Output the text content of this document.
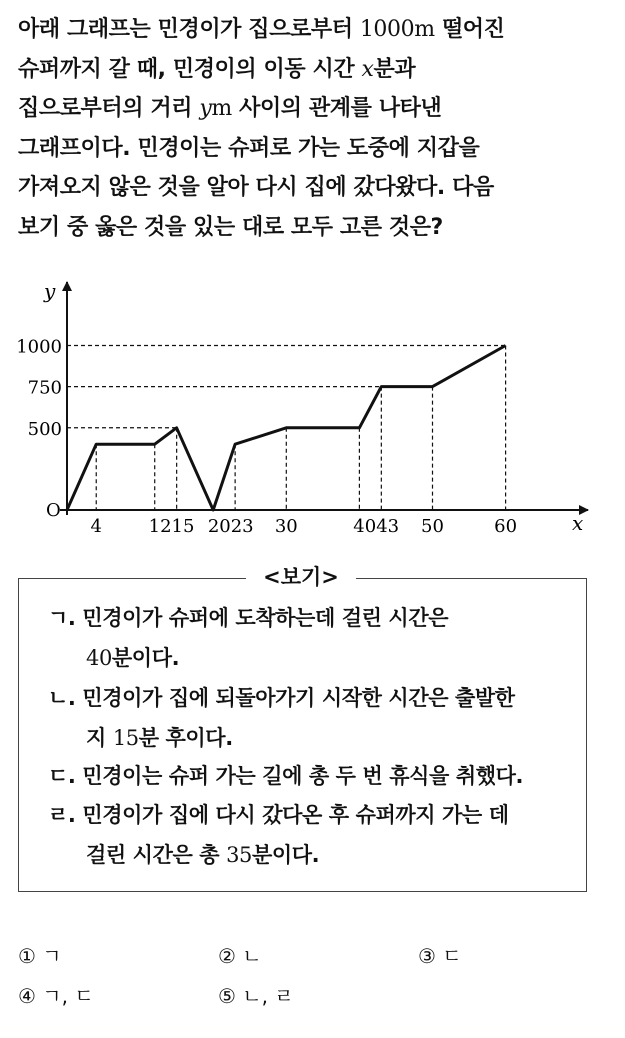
아래 그래프는 민경이가 집으로부터 1000m 떨어진
슈퍼까지 갈 때, 민경이의 이동 시간 x분과
집으로부터의 거리 ym 사이의 관계를 나타낸
그래프이다. 민경이는 슈퍼로 가는 도중에 지갑을
가져오지 않은 것을 알아 다시 집에 갔다왔다. 다음
보기 중 옳은 것을 있는 대로 모두 고른 것은?
y
x
O
500
750
1000
4	1215 2023 30	4043 50	60
<보기>
ㄱ. 민경이가 슈퍼에 도착하는데 걸린 시간은
40분이다.
ㄴ. 민경이가 집에 되돌아가기 시작한 시간은 출발한
지 15분 후이다.
ㄷ. 민경이는 슈퍼 가는 길에 총 두 번 휴식을 취했다.
ㄹ. 민경이가 집에 다시 갔다온 후 슈퍼까지 가는 데
걸린 시간은 총 35분이다.
① ㄱ	② ㄴ	③ ㄷ
④ ㄱ, ㄷ	⑤ ㄴ, ㄹ
